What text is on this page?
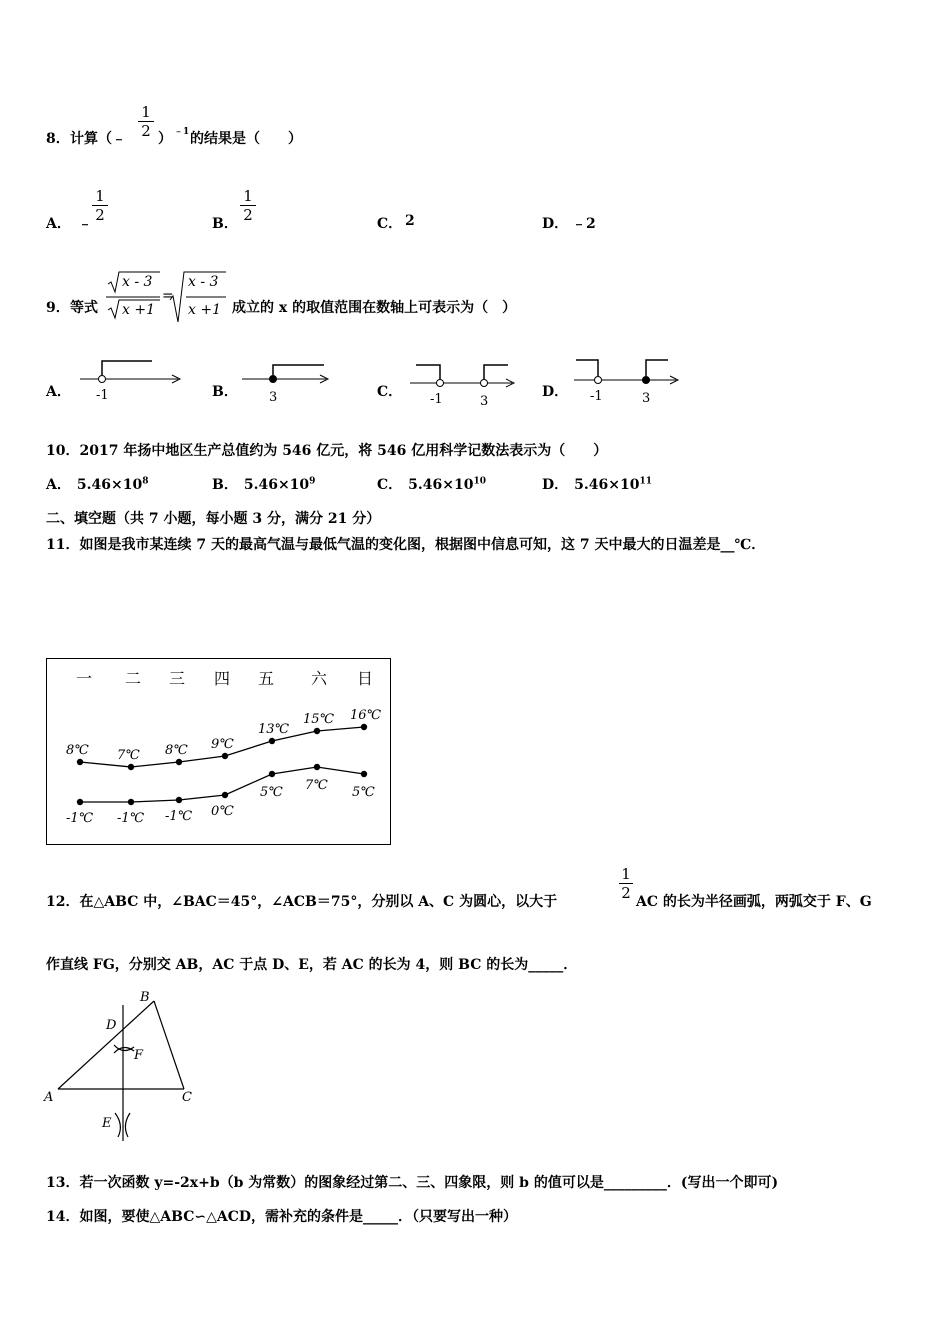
8． 计算（﹣
1
2 ） ﹣1 的结果是（　　）
A． ﹣
1
2	B．
1
2	C． 2	D． ﹣2
9． 等式
x - 3
x +1
=
x - 3
x +1 成立的 x 的取值范围在数轴上可表示为（　）
A． -1	B． 3	C． -1	3
D． -1	3
10．2017 年扬中地区生产总值约为 546 亿元，将 546 亿用科学记数法表示为（　　）
A． $5.46\times 10^8$	B． $5.46\times 10^9$	C． $5.46\times 10^{10}$	D． $5.46\times 10^{11}$
二、填空题（共 7 小题，每小题 3 分，满分 21 分）
11．如图是我市某连续 7 天的最高气温与最低气温的变化图，根据图中信息可知，这 7 天中最大的日温差是__℃．
一 二 三 四 五 六 日
8℃ 7℃ 8℃ 9℃
13℃
15℃ 16℃
-1℃ -1℃ -1℃ 0℃
5℃ 7℃ 5℃
12．在△ABC 中，∠BAC＝45°，∠ACB＝75°，分别以 A、C 为圆心，以大于
1
2 AC 的长为半径画弧，两弧交于 F、G
作直线 FG，分别交 AB，AC 于点 D、E，若 AC 的长为 4，则 BC 的长为_____．
B
D
F
A	C
E
13．若一次函数 y=-2x+b（b 为常数）的图象经过第二、三、四象限，则 b 的值可以是_________．(写出一个即可)
14．如图，要使△ABC∽△ACD，需补充的条件是_____．（只要写出一种）
